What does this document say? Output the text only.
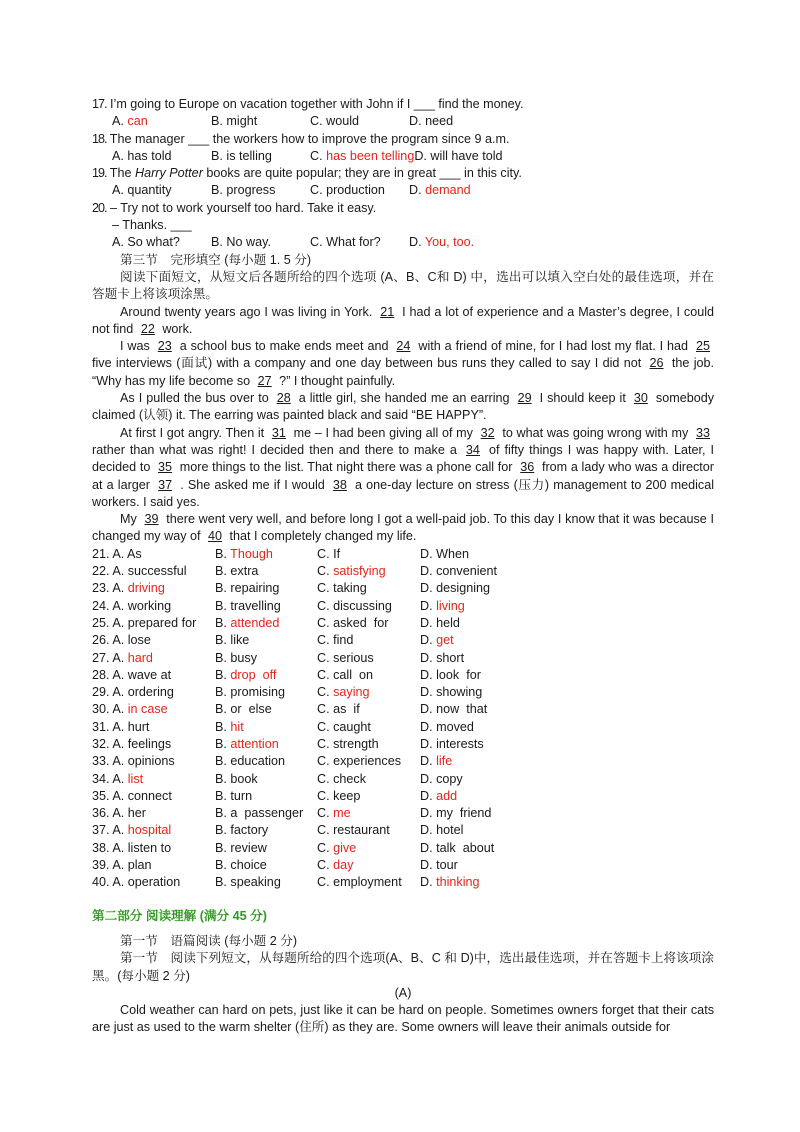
17. I’m going to Europe on vacation together with John if I ___ find the money.
A. can	B. might	C. would	D. need
18. The manager ___ the workers how to improve the program since 9 a.m.
A. has told	B. is telling	C. has been tellingD. will have told
19. The Harry Potter books are quite popular; they are in great ___ in this city.
A. quantity	B. progress	C. production D. demand
20. – Try not to work yourself too hard. Take it easy.
– Thanks. ___
A. So what? B. No way.	C. What for? D. You, too.
第三节　完形填空 (每小题 1. 5 分)
阅读下面短文，从短文后各题所给的四个选项 (A、B、C和 D) 中，选出可以填入空白处的最佳选项，并在答题卡上将该项涂黑。
Around twenty years ago I was living in York. 21 I had a lot of experience and a Master’s degree, I could not find 22 work.
I was 23 a school bus to make ends meet and 24 with a friend of mine, for I had lost my flat. I had 25 five interviews (面试) with a company and one day between bus runs they called to say I did not 26 the job. “Why has my life become so 27 ?” I thought painfully.
As I pulled the bus over to 28 a little girl, she handed me an earring 29 I should keep it 30 somebody claimed (认领) it. The earring was painted black and said “BE HAPPY”.
At first I got angry. Then it 31 me – I had been giving all of my 32 to what was going wrong with my 33 rather than what was right! I decided then and there to make a 34 of fifty things I was happy with. Later, I decided to 35 more things to the list. That night there was a phone call for 36 from a lady who was a director at a larger 37 . She asked me if I would 38 a one-day lecture on stress (压力) management to 200 medical workers. I said yes.
My 39 there went very well, and before long I got a well-paid job. To this day I know that it was because I changed my way of 40 that I completely changed my life.
21. A. As	B. Though	C. If	D. When
22. A. successful	B. extra	C. satisfying	D. convenient
23. A. driving	B. repairing	C. taking	D. designing
24. A. working	B. travelling	C. discussing	D. living
25. A. prepared for	B. attended	C. asked  for	D. held
26. A. lose	B. like	C. find	D. get
27. A. hard	B. busy	C. serious	D. short
28. A. wave at	B. drop  off	C. call  on	D. look  for
29. A. ordering	B. promising	C. saying	D. showing
30. A. in case	B. or  else	C. as  if	D. now  that
31. A. hurt	B. hit	C. caught	D. moved
32. A. feelings	B. attention	C. strength	D. interests
33. A. opinions	B. education	C. experiences	D. life
34. A. list	B. book	C. check	D. copy
35. A. connect	B. turn	C. keep	D. add
36. A. her	B. a  passenger	C. me	D. my  friend
37. A. hospital	B. factory	C. restaurant	D. hotel
38. A. listen to	B. review	C. give	D. talk  about
39. A. plan	B. choice	C. day	D. tour
40. A. operation	B. speaking	C. employment	D. thinking
第二部分 阅读理解 (满分 45 分)
第一节　语篇阅读 (每小题 2 分)
第一节　阅读下列短文，从每题所给的四个选项(A、B、C 和 D)中，选出最佳选项，并在答题卡上将该项涂黑。(每小题 2 分)
(A)
Cold weather can hard on pets, just like it can be hard on people. Sometimes owners forget that their cats are just as used to the warm shelter (住所) as they are. Some owners will leave their animals outside for
